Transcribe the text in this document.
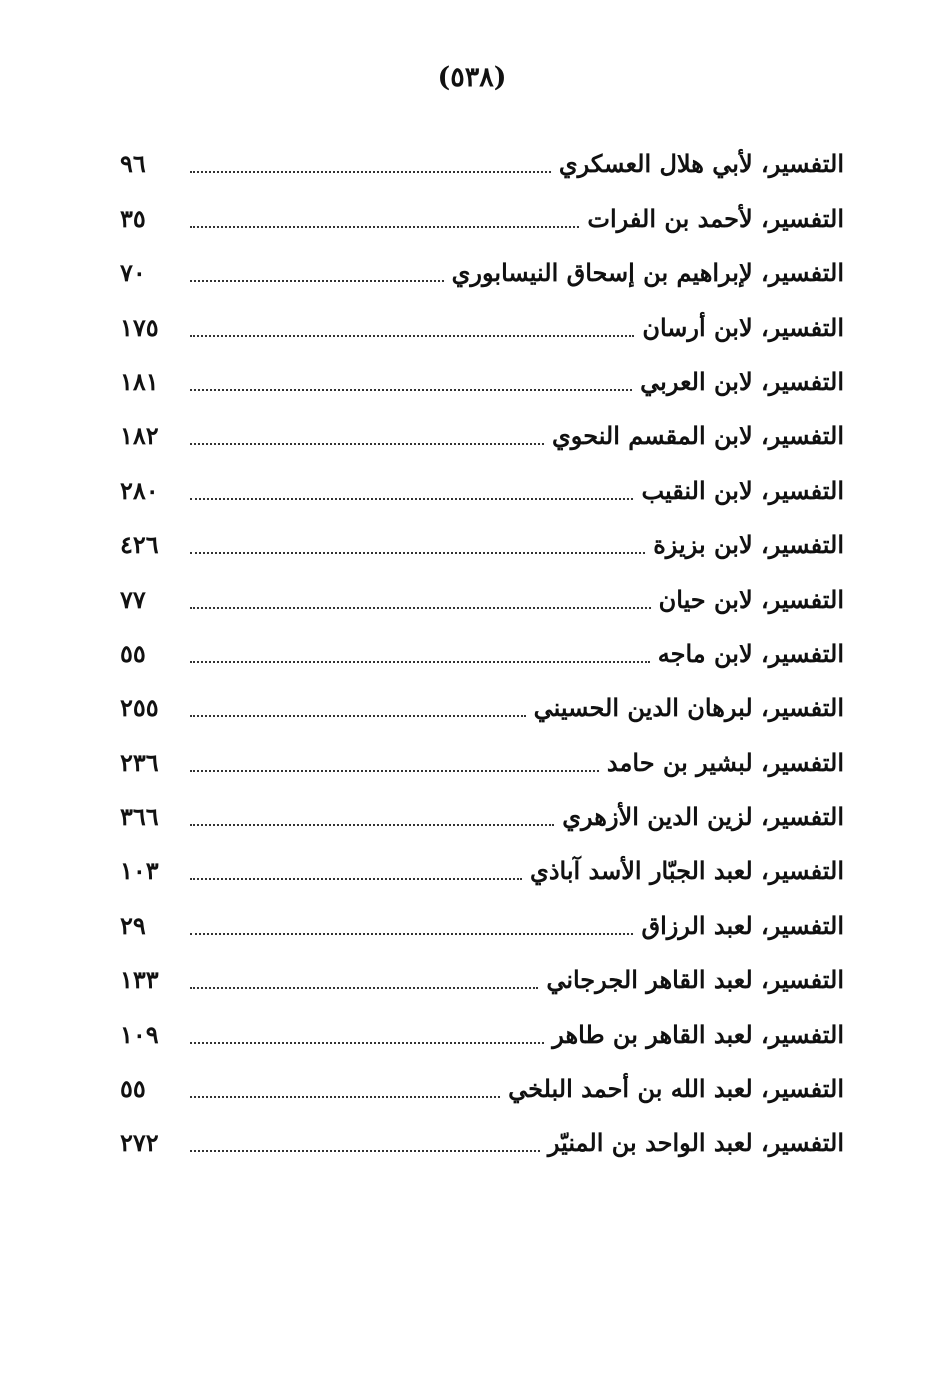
(٥٣٨)
التفسير، لأبي هلال العسكري
٩٦
التفسير، لأحمد بن الفرات
٣٥
التفسير، لإبراهيم بن إسحاق النيسابوري
٧٠
التفسير، لابن أرسان
١٧٥
التفسير، لابن العربي
١٨١
التفسير، لابن المقسم النحوي
١٨٢
التفسير، لابن النقيب
٢٨٠
التفسير، لابن بزيزة
٤٢٦
التفسير، لابن حيان
٧٧
التفسير، لابن ماجه
٥٥
التفسير، لبرهان الدين الحسيني
٢٥٥
التفسير، لبشير بن حامد
٢٣٦
التفسير، لزين الدين الأزهري
٣٦٦
التفسير، لعبد الجبّار الأسد آباذي
١٠٣
التفسير، لعبد الرزاق
٢٩
التفسير، لعبد القاهر الجرجاني
١٣٣
التفسير، لعبد القاهر بن طاهر
١٠٩
التفسير، لعبد الله بن أحمد البلخي
٥٥
التفسير، لعبد الواحد بن المنيّر
٢٧٢
